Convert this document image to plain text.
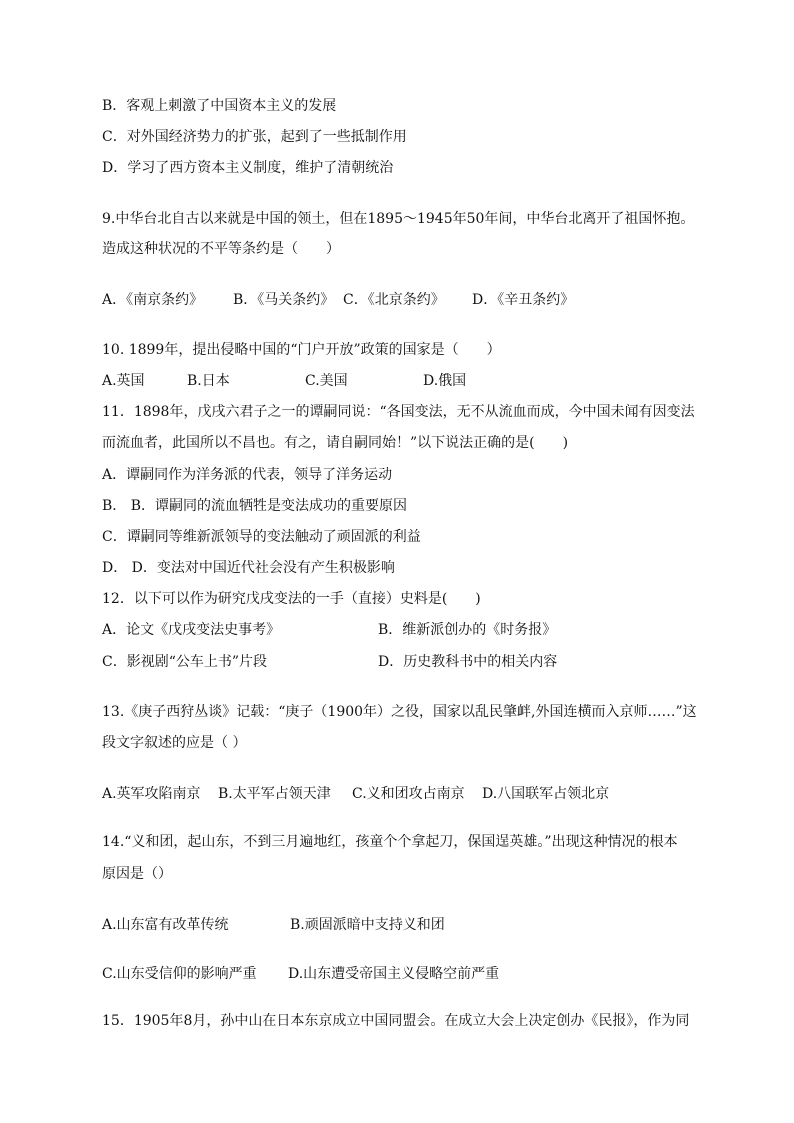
B．客观上刺激了中国资本主义的发展
C．对外国经济势力的扩张，起到了一些抵制作用
D．学习了西方资本主义制度，维护了清朝统治
9.中华台北自古以来就是中国的领土，但在1895～1945年50年间，中华台北离开了祖国怀抱。
造成这种状况的不平等条约是（　　）
A．《南京条约》 B．《马关条约》 C．《北京条约》 D．《辛丑条约》
10. 1899年，提出侵略中国的“门户开放”政策的国家是（　　）
A.英国	B.日本	C.美国	D.俄国
11．1898年，戊戌六君子之一的谭嗣同说：“各国变法，无不从流血而成，今中国未闻有因变法
而流血者，此国所以不昌也。有之，请自嗣同始！”以下说法正确的是(　　)
A．谭嗣同作为洋务派的代表，领导了洋务运动
B． B．谭嗣同的流血牺牲是变法成功的重要原因
C．谭嗣同等维新派领导的变法触动了顽固派的利益
D． D．变法对中国近代社会没有产生积极影响
12．以下可以作为研究戊戌变法的一手（直接）史料是(　　)
A．论文《戊戌变法史事考》	B．维新派创办的《时务报》
C．影视剧“公车上书”片段	D．历史教科书中的相关内容
13.《庚子西狩丛谈》记载：“庚子（1900年）之役，国家以乱民肇衅,外国连横而入京师……”这
段文字叙述的应是（ ）
A.英军攻陷南京 B.太平军占领天津 C.义和团攻占南京 D.八国联军占领北京
14.“义和团，起山东，不到三月遍地红，孩童个个拿起刀，保国逞英雄。”出现这种情况的根本
原因是（）
A.山东富有改革传统	B.顽固派暗中支持义和团
C.山东受信仰的影响严重 D.山东遭受帝国主义侵略空前严重
15．1905年8月，孙中山在日本东京成立中国同盟会。在成立大会上决定创办《民报》，作为同
